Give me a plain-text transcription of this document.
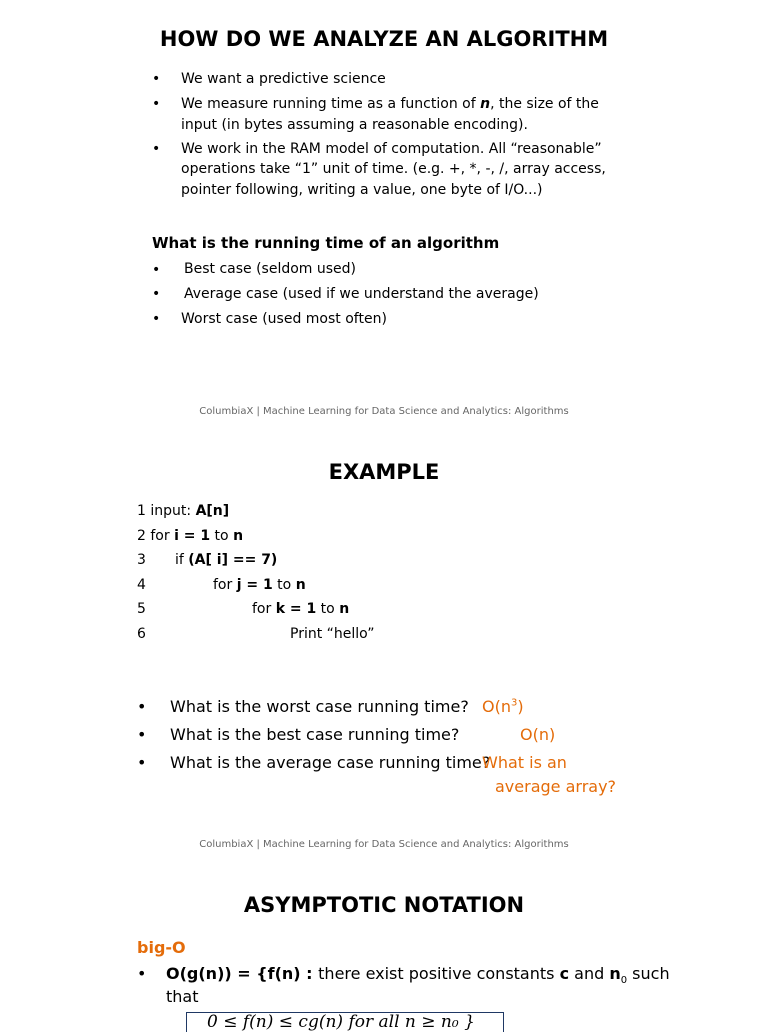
HOW DO WE ANALYZE AN ALGORITHM
• We want a predictive science
• We measure running time as a function of n, the size of the
input (in bytes assuming a reasonable encoding).
• We work in the RAM model of computation. All “reasonable”
operations take “1” unit of time. (e.g. +, *, -, /, array access,
pointer following, writing a value, one byte of I/O...)
What is the running time of an algorithm
• Best case (seldom used)
• Average case (used if we understand the average)
• Worst case (used most often)
ColumbiaX | Machine Learning for Data Science and Analytics: Algorithms
EXAMPLE
1 input: A[n]
2 for i = 1 to n
3 if (A[ i] == 7)
4	for j = 1 to n
5	for k = 1 to n
6	Print “hello”
• What is the worst case running time? $O(n^3)$
• What is the best case running time?	O(n)
• What is the average case running time?
What is an
average array?
ColumbiaX | Machine Learning for Data Science and Analytics: Algorithms
ASYMPTOTIC NOTATION
big-O
• O(g(n)) = {f(n) : there exist positive constants c and $n_0$ such
that
0 ≤ f(n) ≤ cg(n) for all n ≥ n₀ }
